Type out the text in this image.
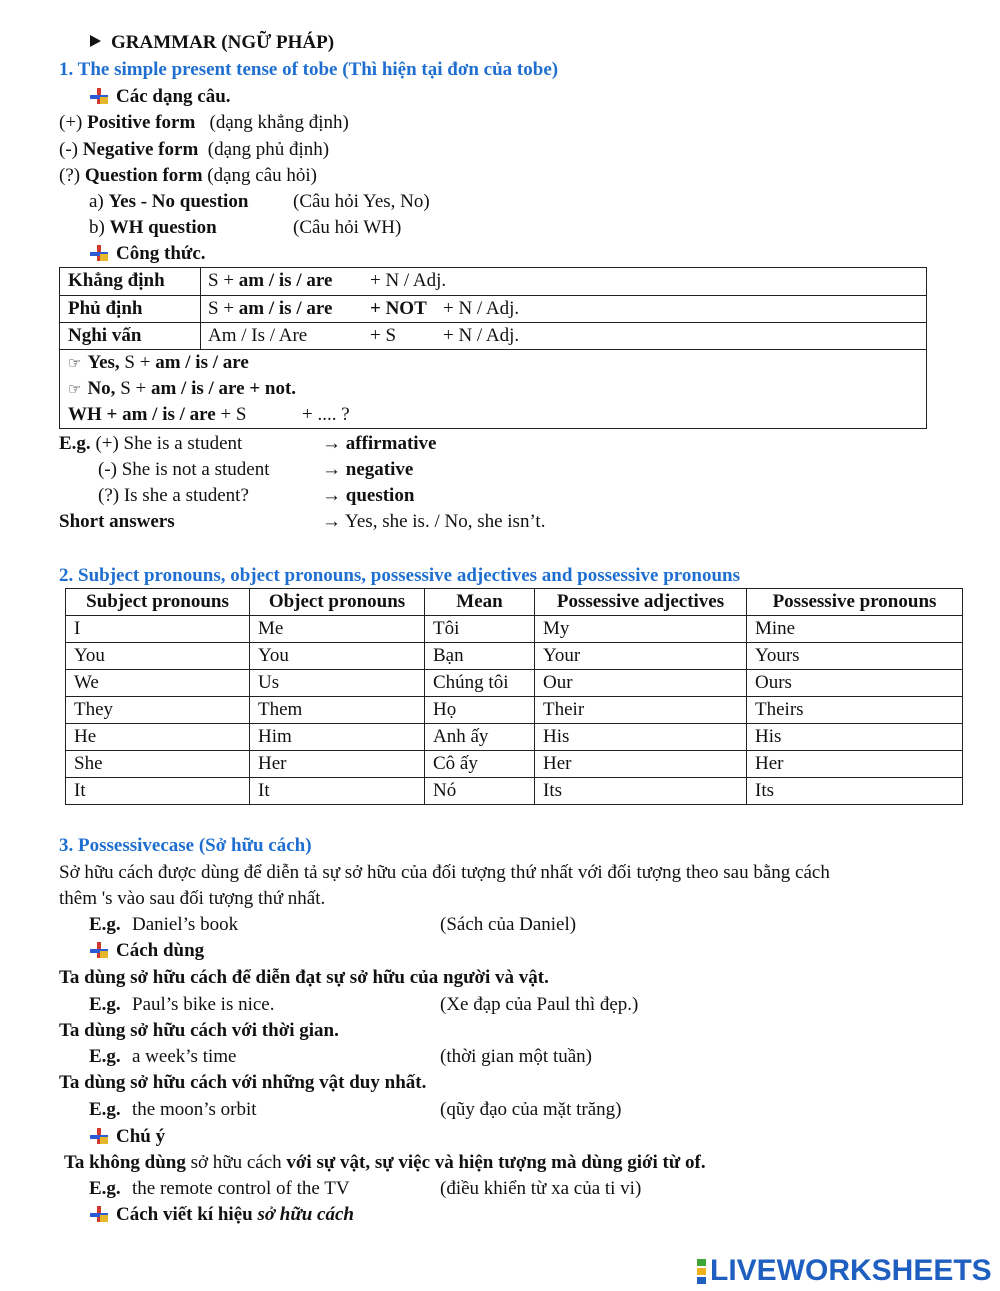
GRAMMAR (NGỮ PHÁP)
1. The simple present tense of tobe (Thì hiện tại đơn của tobe)
Các dạng câu.
(+) Positive form (dạng khẳng định)
(-) Negative form (dạng phủ định)
(?) Question form (dạng câu hỏi)
a) Yes - No question (Câu hỏi Yes, No)
b) WH question	(Câu hỏi WH)
Công thức.
Khẳng định S + am / is / are + N / Adj.
Phủ định	S + am / is / are + NOT + N / Adj.
Nghi vấn	Am / Is / Are	+ S + N / Adj.
☞ Yes, S + am / is / are
☞ No, S + am / is / are + not.
WH + am / is / are + S	+ .... ?
E.g. (+) She is a student	→ affirmative
(-) She is not a student	→ negative
(?) Is she a student?	→ question
Short answers	→ Yes, she is. / No, she isn’t.
2. Subject pronouns, object pronouns, possessive adjectives and possessive pronouns
Subject pronouns	Object pronouns	Mean	Possessive adjectives	Possessive pronouns
I	Me	Tôi	My	Mine
You	You	Bạn	Your	Yours
We	Us	Chúng tôi	Our	Ours
They	Them	Họ	Their	Theirs
He	Him	Anh ấy	His	His
She	Her	Cô ấy	Her	Her
It	It	Nó	Its	Its
3. Possessivecase (Sở hữu cách)
Sở hữu cách được dùng để diễn tả sự sở hữu của đối tượng thứ nhất với đối tượng theo sau bằng cách
thêm 's vào sau đối tượng thứ nhất.
E.g. Daniel’s book	(Sách của Daniel)
Cách dùng
Ta dùng sở hữu cách để diễn đạt sự sở hữu của người và vật.
E.g. Paul’s bike is nice.	(Xe đạp của Paul thì đẹp.)
Ta dùng sở hữu cách với thời gian.
E.g. a week’s time	(thời gian một tuần)
Ta dùng sở hữu cách với những vật duy nhất.
E.g. the moon’s orbit	(qũy đạo của mặt trăng)
Chú ý
Ta không dùng sở hữu cách với sự vật, sự việc và hiện tượng mà dùng giới từ of.
E.g. the remote control of the TV	(điều khiển từ xa của ti vi)
Cách viết kí hiệu sở hữu cách
LIVEWORKSHEETS
